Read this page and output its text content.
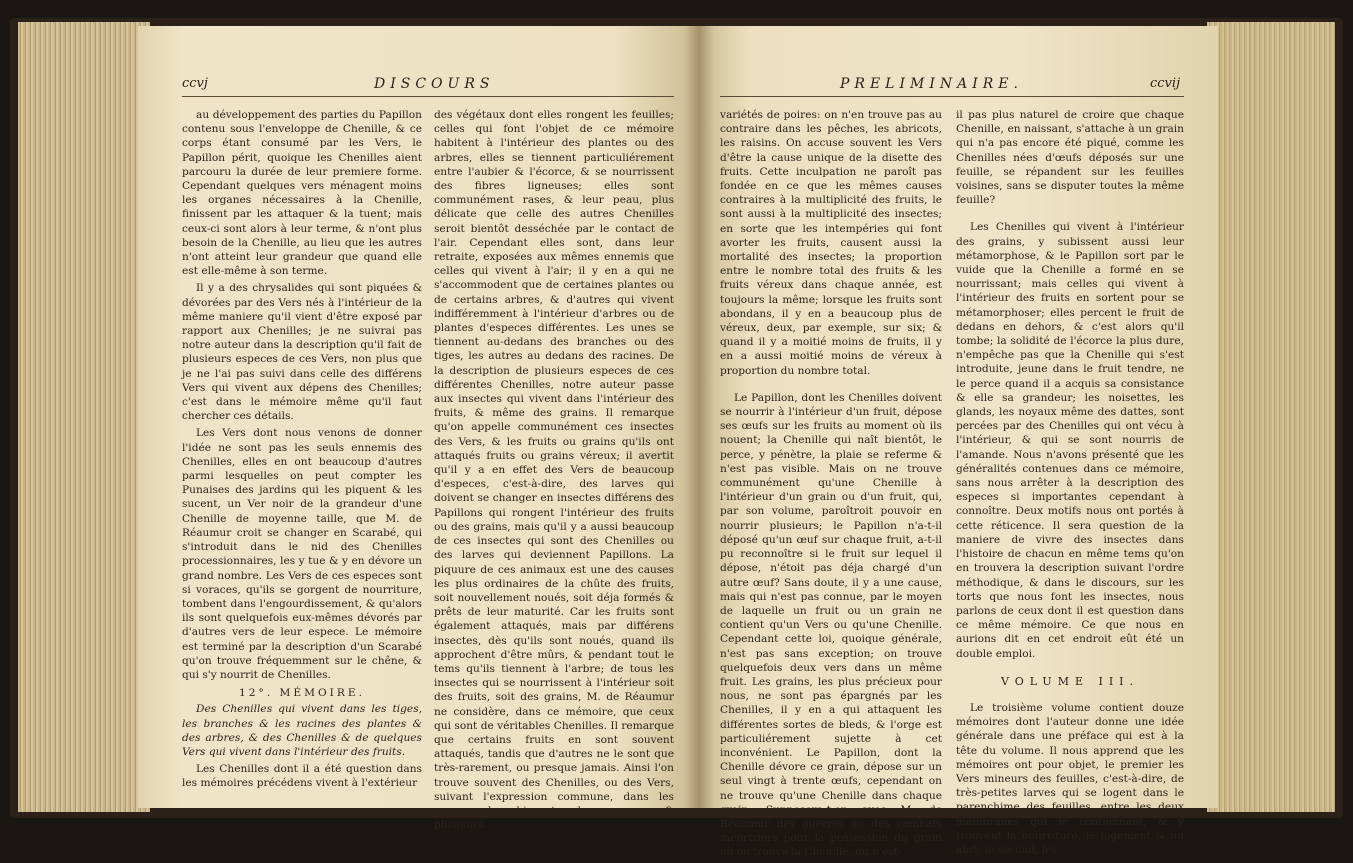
ccvj	DISCOURS

au développement des parties du Papillon contenu sous l'enveloppe de Chenille, & ce corps étant consumé par les Vers, le Papillon périt, quoique les Chenilles aient parcouru la durée de leur premiere forme. Cependant quelques vers ménagent moins les organes nécessaires à la Chenille, finissent par les attaquer & la tuent; mais ceux-ci sont alors à leur terme, & n'ont plus besoin de la Chenille, au lieu que les autres n'ont atteint leur grandeur que quand elle est elle-même à son terme.

Il y a des chrysalides qui sont piquées & dévorées par des Vers nés à l'intérieur de la même maniere qu'il vient d'être exposé par rapport aux Chenilles; je ne suivrai pas notre auteur dans la description qu'il fait de plusieurs especes de ces Vers, non plus que je ne l'ai pas suivi dans celle des différens Vers qui vivent aux dépens des Chenilles; c'est dans le mémoire même qu'il faut chercher ces détails.

Les Vers dont nous venons de donner l'idée ne sont pas les seuls ennemis des Chenilles, elles en ont beaucoup d'autres parmi lesquelles on peut compter les Punaises des jardins qui les piquent & les sucent, un Ver noir de la grandeur d'une Chenille de moyenne taille, que M. de Réaumur croit se changer en Scarabé, qui s'introduit dans le nid des Chenilles processionnaires, les y tue & y en dévore un grand nombre. Les Vers de ces especes sont si voraces, qu'ils se gorgent de nourriture, tombent dans l'engourdissement, & qu'alors ils sont quelquefois eux-mêmes dévorés par d'autres vers de leur espece. Le mémoire est terminé par la description d'un Scarabé qu'on trouve fréquemment sur le chêne, & qui s'y nourrit de Chenilles.

12°. MÉMOIRE.

Des Chenilles qui vivent dans les tiges, les branches & les racines des plantes & des arbres, & des Chenilles & de quelques Vers qui vivent dans l'intérieur des fruits.

Les Chenilles dont il a été question dans les mémoires précédens vivent à l'extérieur

des végétaux dont elles rongent les feuilles; celles qui font l'objet de ce mémoire habitent à l'intérieur des plantes ou des arbres, elles se tiennent particuliérement entre l'aubier & l'écorce, & se nourrissent des fibres ligneuses; elles sont communément rases, & leur peau, plus délicate que celle des autres Chenilles seroit bientôt desséchée par le contact de l'air. Cependant elles sont, dans leur retraite, exposées aux mêmes ennemis que celles qui vivent à l'air; il y en a qui ne s'accommodent que de certaines plantes ou de certains arbres, & d'autres qui vivent indifféremment à l'intérieur d'arbres ou de plantes d'especes différentes. Les unes se tiennent au-dedans des branches ou des tiges, les autres au dedans des racines. De la description de plusieurs especes de ces différentes Chenilles, notre auteur passe aux insectes qui vivent dans l'intérieur des fruits, & même des grains. Il remarque qu'on appelle communément ces insectes des Vers, & les fruits ou grains qu'ils ont attaqués fruits ou grains véreux; il avertit qu'il y a en effet des Vers de beaucoup d'especes, c'est-à-dire, des larves qui doivent se changer en insectes différens des Papillons qui rongent l'intérieur des fruits ou des grains, mais qu'il y a aussi beaucoup de ces insectes qui sont des Chenilles ou des larves qui deviennent Papillons. La piquure de ces animaux est une des causes les plus ordinaires de la chûte des fruits, soit nouvellement noués, soit déja formés & prêts de leur maturité. Car les fruits sont également attaqués, mais par différens insectes, dès qu'ils sont noués, quand ils approchent d'être mûrs, & pendant tout le tems qu'ils tiennent à l'arbre; de tous les insectes qui se nourrissent à l'intérieur soit des fruits, soit des grains, M. de Réaumur ne considère, dans ce mémoire, que ceux qui sont de véritables Chenilles. Il remarque que certains fruits en sont souvent attaqués, tandis que d'autres ne le sont que très-rarement, ou presque jamais. Ainsi l'on trouve souvent des Chenilles, ou des Vers, suivant l'expression commune, dans les prunes, les bigarots, les pommes & plusieurs

PRELIMINAIRE.	ccvij

variétés de poires: on n'en trouve pas au contraire dans les pêches, les abricots, les raisins. On accuse souvent les Vers d'être la cause unique de la disette des fruits. Cette inculpation ne paroît pas fondée en ce que les mêmes causes contraires à la multiplicité des fruits, le sont aussi à la multiplicité des insectes; en sorte que les intempéries qui font avorter les fruits, causent aussi la mortalité des insectes; la proportion entre le nombre total des fruits & les fruits véreux dans chaque année, est toujours la même; lorsque les fruits sont abondans, il y en a beaucoup plus de véreux, deux, par exemple, sur six; & quand il y a moitié moins de fruits, il y en a aussi moitié moins de véreux à proportion du nombre total.

Le Papillon, dont les Chenilles doivent se nourrir à l'intérieur d'un fruit, dépose ses œufs sur les fruits au moment où ils nouent; la Chenille qui naît bientôt, le perce, y pénètre, la plaie se referme & n'est pas visible. Mais on ne trouve communément qu'une Chenille à l'intérieur d'un grain ou d'un fruit, qui, par son volume, paroîtroit pouvoir en nourrir plusieurs; le Papillon n'a-t-il déposé qu'un œuf sur chaque fruit, a-t-il pu reconnoître si le fruit sur lequel il dépose, n'étoit pas déja chargé d'un autre œuf? Sans doute, il y a une cause, mais qui n'est pas connue, par le moyen de laquelle un fruit ou un grain ne contient qu'un Vers ou qu'une Chenille. Cependant cette loi, quoique générale, n'est pas sans exception; on trouve quelquefois deux vers dans un même fruit. Les grains, les plus précieux pour nous, ne sont pas épargnés par les Chenilles, il y en a qui attaquent les différentes sortes de bleds, & l'orge est particuliérement sujette à cet inconvénient. Le Papillon, dont la Chenille dévore ce grain, dépose sur un seul vingt à trente œufs, cependant on ne trouve qu'une Chenille dans chaque grain. Supposera-t-on avec M. de Réaumur des guerres ou des combats meurtriers pour la possession du grain où on trouve la Chenille, ou n'est-

il pas plus naturel de croire que chaque Chenille, en naissant, s'attache à un grain qui n'a pas encore été piqué, comme les Chenilles nées d'œufs déposés sur une feuille, se répandent sur les feuilles voisines, sans se disputer toutes la même feuille?

Les Chenilles qui vivent à l'intérieur des grains, y subissent aussi leur métamorphose, & le Papillon sort par le vuide que la Chenille a formé en se nourrissant; mais celles qui vivent à l'intérieur des fruits en sortent pour se métamorphoser; elles percent le fruit de dedans en dehors, & c'est alors qu'il tombe; la solidité de l'écorce la plus dure, n'empêche pas que la Chenille qui s'est introduite, jeune dans le fruit tendre, ne le perce quand il a acquis sa consistance & elle sa grandeur; les noisettes, les glands, les noyaux même des dattes, sont percées par des Chenilles qui ont vécu à l'intérieur, & qui se sont nourris de l'amande. Nous n'avons présenté que les généralités contenues dans ce mémoire, sans nous arrêter à la description des especes si importantes cependant à connoître. Deux motifs nous ont portés à cette réticence. Il sera question de la maniere de vivre des insectes dans l'histoire de chacun en même tems qu'on en trouvera la description suivant l'ordre méthodique, & dans le discours, sur les torts que nous font les insectes, nous parlons de ceux dont il est question dans ce même mémoire. Ce que nous en aurions dit en cet endroit eût été un double emploi.

VOLUME III.

Le troisième volume contient douze mémoires dont l'auteur donne une idée générale dans une préface qui est à la tête du volume. Il nous apprend que les mémoires ont pour objet, le premier les Vers mineurs des feuilles, c'est-à-dire, de très-petites larves qui se logent dans le parenchime des feuilles, entre les deux membranes qui le contiennent, & y trouvent la nourriture, le logement & un abri; le second, les
